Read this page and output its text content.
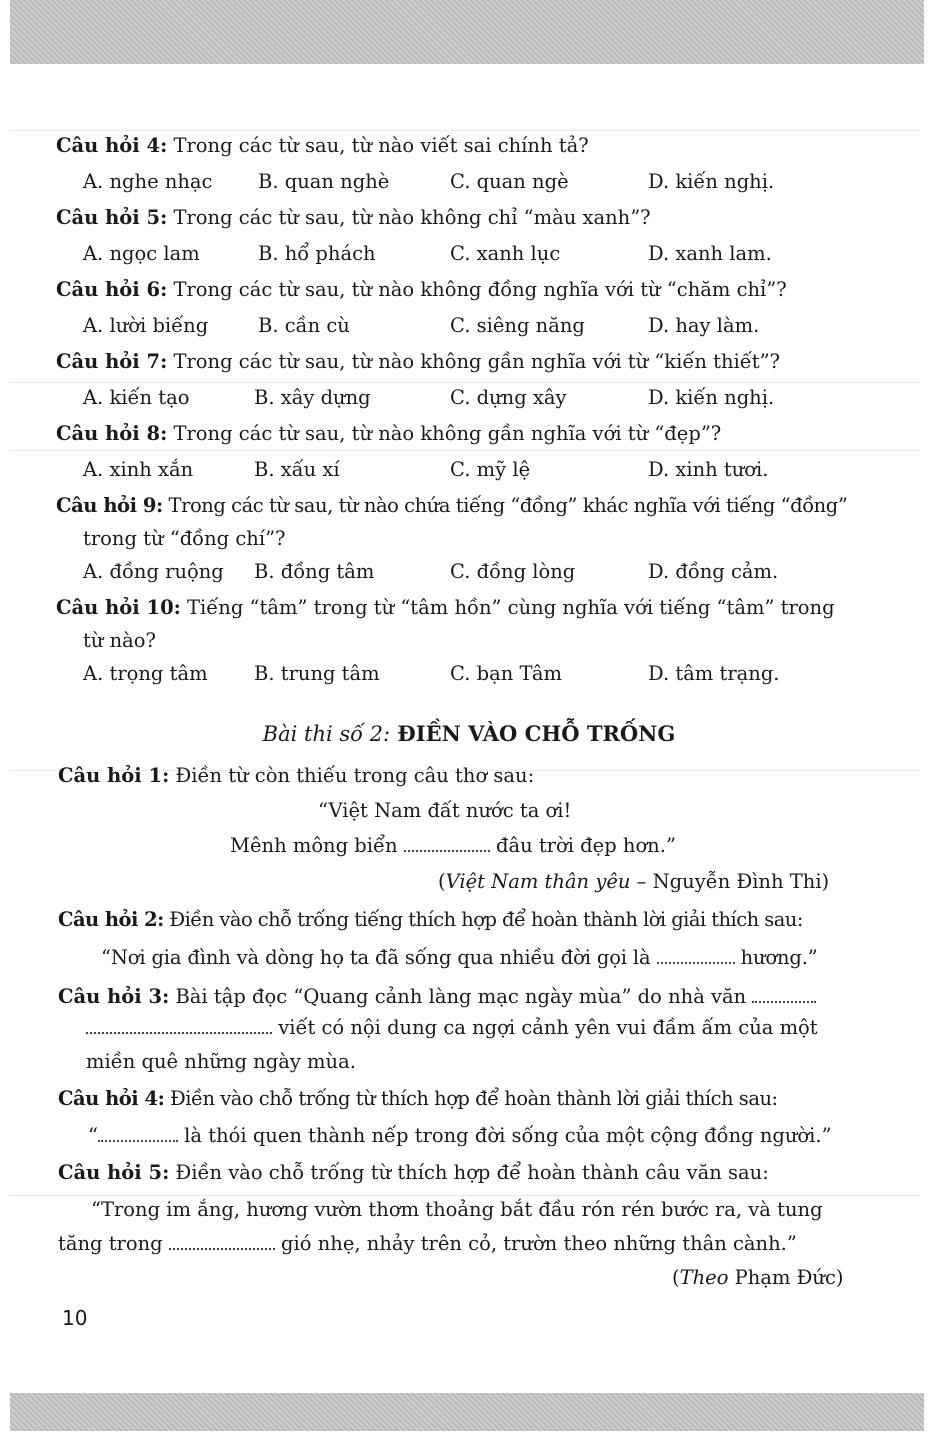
Câu hỏi 4: Trong các từ sau, từ nào viết sai chính tả?
A. nghe nhạc B. quan nghè	C. quan ngè	D. kiến nghị.
Câu hỏi 5: Trong các từ sau, từ nào không chỉ “màu xanh”?
A. ngọc lam	B. hổ phách	C. xanh lục	D. xanh lam.
Câu hỏi 6: Trong các từ sau, từ nào không đồng nghĩa với từ “chăm chỉ”?
A. lười biếng	B. cần cù	C. siêng năng	D. hay làm.
Câu hỏi 7: Trong các từ sau, từ nào không gần nghĩa với từ “kiến thiết”?
A. kiến tạo	B. xây dựng	C. dựng xây	D. kiến nghị.
Câu hỏi 8: Trong các từ sau, từ nào không gần nghĩa với từ “đẹp”?
A. xinh xắn	B. xấu xí	C. mỹ lệ	D. xinh tươi.
Câu hỏi 9: Trong các từ sau, từ nào chứa tiếng “đồng” khác nghĩa với tiếng “đồng”
trong từ “đồng chí”?
A. đồng ruộng B. đồng tâm	C. đồng lòng	D. đồng cảm.
Câu hỏi 10: Tiếng “tâm” trong từ “tâm hồn” cùng nghĩa với tiếng “tâm” trong
từ nào?
A. trọng tâm B. trung tâm	C. bạn Tâm	D. tâm trạng.
Bài thi số 2: ĐIỀN VÀO CHỖ TRỐNG
Câu hỏi 1: Điền từ còn thiếu trong câu thơ sau:
“Việt Nam đất nước ta ơi!
Mênh mông biển	đâu trời đẹp hơn.”
(Việt Nam thân yêu – Nguyễn Đình Thi)
Câu hỏi 2: Điền vào chỗ trống tiếng thích hợp để hoàn thành lời giải thích sau:
“Nơi gia đình và dòng họ ta đã sống qua nhiều đời gọi là	hương.”
Câu hỏi 3: Bài tập đọc “Quang cảnh làng mạc ngày mùa” do nhà văn
viết có nội dung ca ngợi cảnh yên vui đầm ấm của một
miền quê những ngày mùa.
Câu hỏi 4: Điền vào chỗ trống từ thích hợp để hoàn thành lời giải thích sau:
“	là thói quen thành nếp trong đời sống của một cộng đồng người.”
Câu hỏi 5: Điền vào chỗ trống từ thích hợp để hoàn thành câu văn sau:
“Trong im ắng, hương vườn thơm thoảng bắt đầu rón rén bước ra, và tung
tăng trong	gió nhẹ, nhảy trên cỏ, trườn theo những thân cành.”
(Theo Phạm Đức)
10
